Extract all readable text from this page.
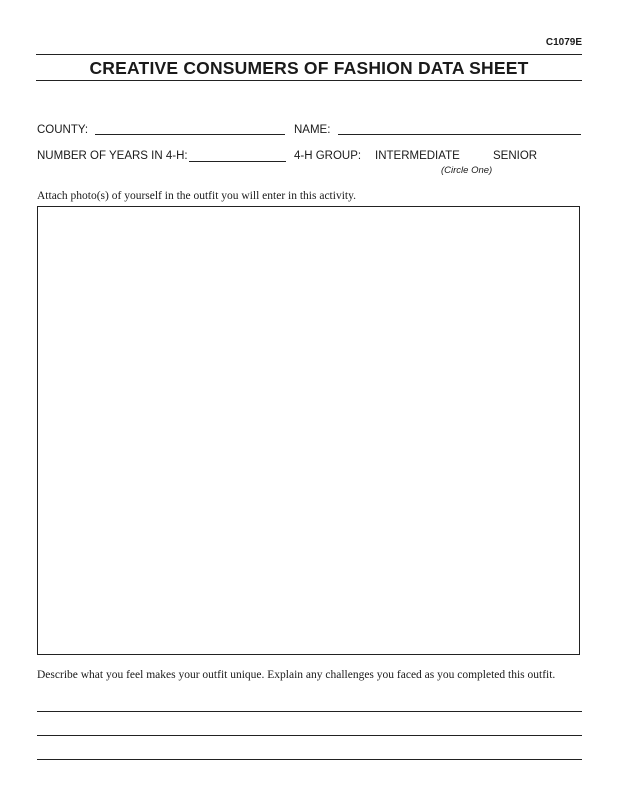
C1079E
CREATIVE CONSUMERS OF FASHION DATA SHEET
COUNTY:	NAME:
NUMBER OF YEARS IN 4-H:	4-H GROUP: INTERMEDIATE	SENIOR
(Circle One)
Attach photo(s) of yourself in the outfit you will enter in this activity.
Describe what you feel makes your outfit unique. Explain any challenges you faced as you completed this outfit.
